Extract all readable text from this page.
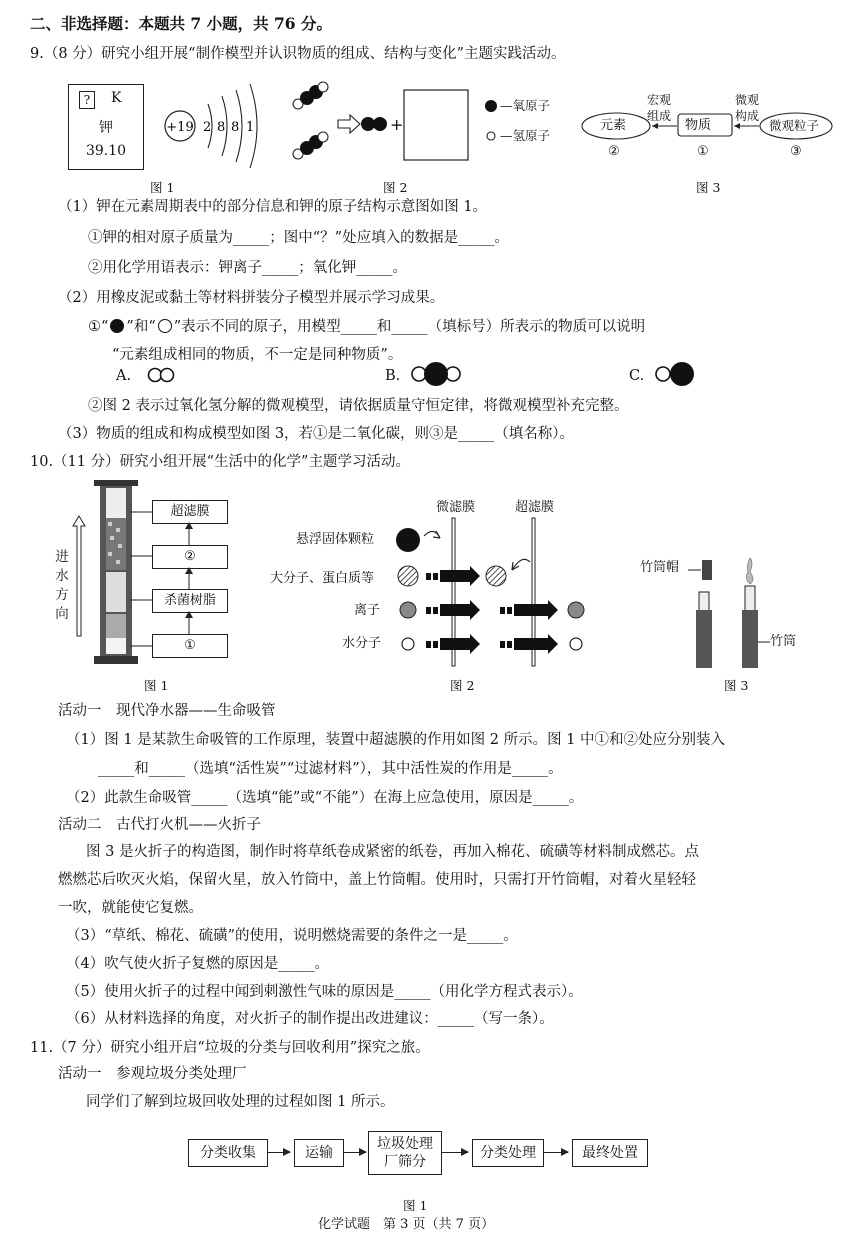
二、非选择题：本题共 7 小题，共 76 分。
9.（8 分）研究小组开展“制作模型并认识物质的组成、结构与变化”主题实践活动。
?	K
钾
39.10
+19 2 8 8 1
图 1
+
—氧原子
—氢原子
图 2
元素	物质	微观粒子
宏观
组成
微观
构成
②	①	③
图 3
（1）钾在元素周期表中的部分信息和钾的原子结构示意图如图 1。
①钾的相对原子质量为_____；图中“？”处应填入的数据是_____。
②用化学用语表示：钾离子_____；氧化钾_____。
（2）用橡皮泥或黏土等材料拼装分子模型并展示学习成果。
①“ ”和“ ”表示不同的原子，用模型_____和_____（填标号）所表示的物质可以说明
“元素组成相同的物质，不一定是同种物质”。
A.	B.	C.
②图 2 表示过氧化氢分解的微观模型，请依据质量守恒定律，将微观模型补充完整。
（3）物质的组成和构成模型如图 3，若①是二氧化碳，则③是_____（填名称）。
10.（11 分）研究小组开展“生活中的化学”主题学习活动。
进
水
方
向
超滤膜
②
杀菌树脂
①
图 1
微滤膜	超滤膜
悬浮固体颗粒
大分子、蛋白质等
离子
水分子
图 2
竹筒帽
竹筒
图 3
活动一　现代净水器——生命吸管
（1）图 1 是某款生命吸管的工作原理，装置中超滤膜的作用如图 2 所示。图 1 中①和②处应分别装入
_____和_____（选填“活性炭”“过滤材料”），其中活性炭的作用是_____。
（2）此款生命吸管_____（选填“能”或“不能”）在海上应急使用，原因是_____。
活动二　古代打火机——火折子
图 3 是火折子的构造图，制作时将草纸卷成紧密的纸卷，再加入棉花、硫磺等材料制成燃芯。点
燃燃芯后吹灭火焰，保留火星，放入竹筒中，盖上竹筒帽。使用时，只需打开竹筒帽，对着火星轻轻
一吹，就能使它复燃。
（3）“草纸、棉花、硫磺”的使用，说明燃烧需要的条件之一是_____。
（4）吹气使火折子复燃的原因是_____。
（5）使用火折子的过程中闻到刺激性气味的原因是_____（用化学方程式表示）。
（6）从材料选择的角度，对火折子的制作提出改进建议：_____（写一条）。
11.（7 分）研究小组开启“垃圾的分类与回收利用”探究之旅。
活动一　参观垃圾分类处理厂
同学们了解到垃圾回收处理的过程如图 1 所示。
分类收集	运输
垃圾处理
厂筛分
分类处理	最终处置
图 1
化学试题　第 3 页（共 7 页）
